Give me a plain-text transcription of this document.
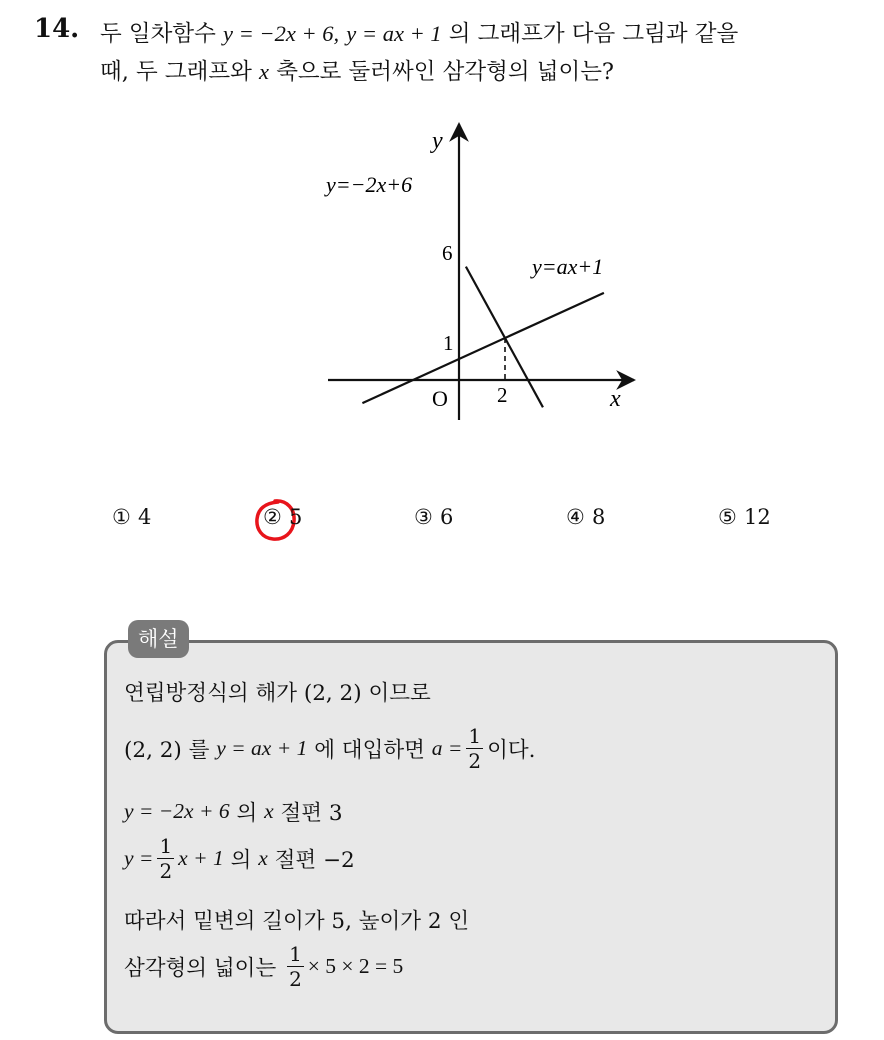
14. 두 일차함수 y = −2x + 6, y = ax + 1 의 그래프가 다음 그림과 같을
때, 두 그래프와 x 축으로 둘러싸인 삼각형의 넓이는?
y
x
O
6
1
2
y=−2x+6
y=ax+1
① 4	② 5	③ 6	④ 8	⑤ 12
해설
연립방정식의 해가 (2, 2) 이므로
(2, 2) 를
y = ax + 1
에 대입하면
$a = \frac{1}{2}$ 이다.
y = −2x + 6
의
x
절편 3
$y = \frac{1}{2}$ x + 1
의
x
절편 −2
따라서 밑변의 길이가 5, 높이가 2 인
삼각형의 넓이는
$\frac{1}{2} \times 5 \times 2 = 5$
